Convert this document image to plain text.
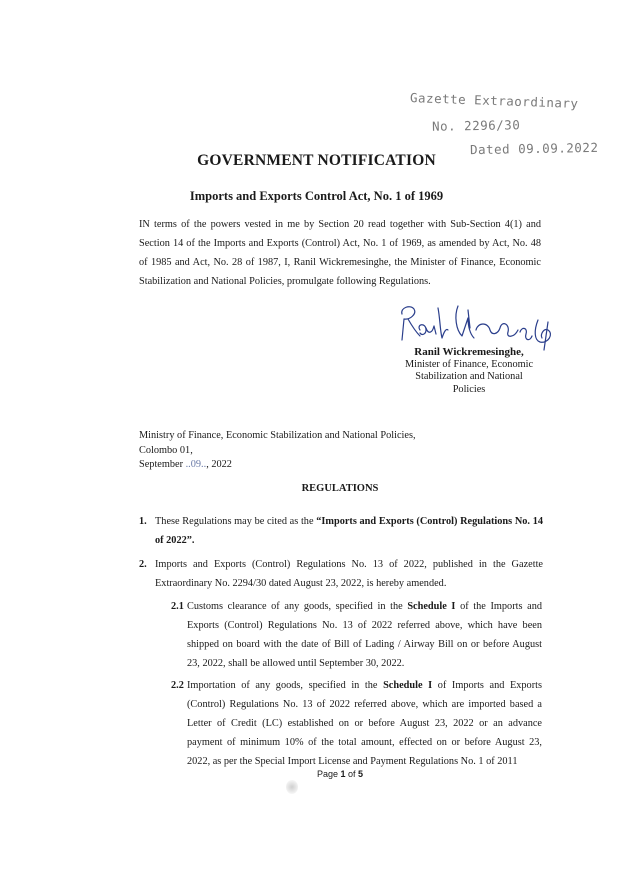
Gazette Extraordinary
No. 2296/30
Dated 09.09.2022
GOVERNMENT NOTIFICATION
Imports and Exports Control Act, No. 1 of 1969
IN terms of the powers vested in me by Section 20 read together with Sub-Section 4(1) and Section 14 of the Imports and Exports (Control) Act, No. 1 of 1969, as amended by Act, No. 48 of 1985 and Act, No. 28 of 1987, I, Ranil Wickremesinghe, the Minister of Finance, Economic Stabilization and National Policies, promulgate following Regulations.
Ranil Wickremesinghe,
Minister of Finance, Economic
Stabilization and National
Policies
Ministry of Finance, Economic Stabilization and National Policies,
Colombo 01,
September ..09.., 2022
REGULATIONS
1. These Regulations may be cited as the “Imports and Exports (Control) Regulations No. 14 of 2022”.
2. Imports and Exports (Control) Regulations No. 13 of 2022, published in the Gazette Extraordinary No. 2294/30 dated August 23, 2022, is hereby amended.
2.1 Customs clearance of any goods, specified in the Schedule I of the Imports and Exports (Control) Regulations No. 13 of 2022 referred above, which have been shipped on board with the date of Bill of Lading / Airway Bill on or before August 23, 2022, shall be allowed until September 30, 2022.
2.2 Importation of any goods, specified in the Schedule I of Imports and Exports (Control) Regulations No. 13 of 2022 referred above, which are imported based a Letter of Credit (LC) established on or before August 23, 2022 or an advance payment of minimum 10% of the total amount, effected on or before August 23, 2022, as per the Special Import License and Payment Regulations No. 1 of 2011
Page 1 of 5
